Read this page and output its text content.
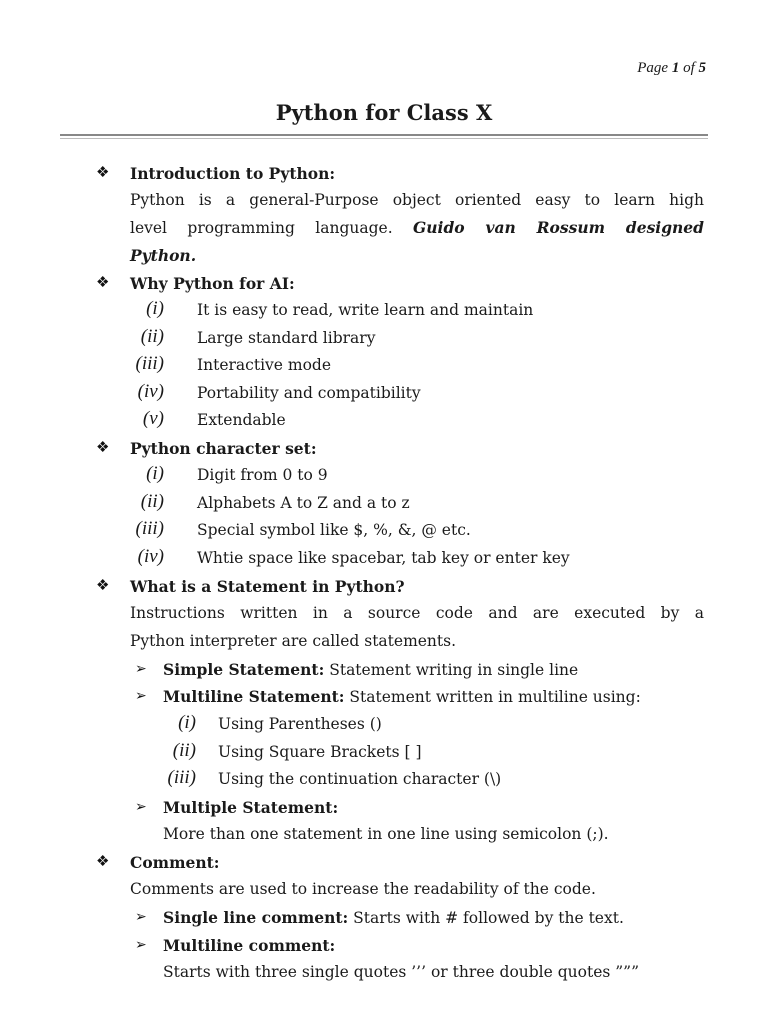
Page 1 of 5
Python for Class X
❖ Introduction to Python:
Python is a general-Purpose object oriented easy to learn high
level programming language. Guido van Rossum designed
Python.
❖ Why Python for AI:
(i) It is easy to read, write learn and maintain
(ii) Large standard library
(iii) Interactive mode
(iv) Portability and compatibility
(v) Extendable
❖ Python character set:
(i) Digit from 0 to 9
(ii) Alphabets A to Z and a to z
(iii) Special symbol like $, %, &, @ etc.
(iv) Whtie space like spacebar, tab key or enter key
❖ What is a Statement in Python?
Instructions written in a source code and are executed by a
Python interpreter are called statements.
➢ Simple Statement: Statement writing in single line
➢ Multiline Statement: Statement written in multiline using:
(i) Using Parentheses ()
(ii) Using Square Brackets [ ]
(iii) Using the continuation character (\)
➢ Multiple Statement:
More than one statement in one line using semicolon (;).
❖ Comment:
Comments are used to increase the readability of the code.
➢ Single line comment: Starts with # followed by the text.
➢ Multiline comment:
Starts with three single quotes ’’’ or three double quotes ”””
